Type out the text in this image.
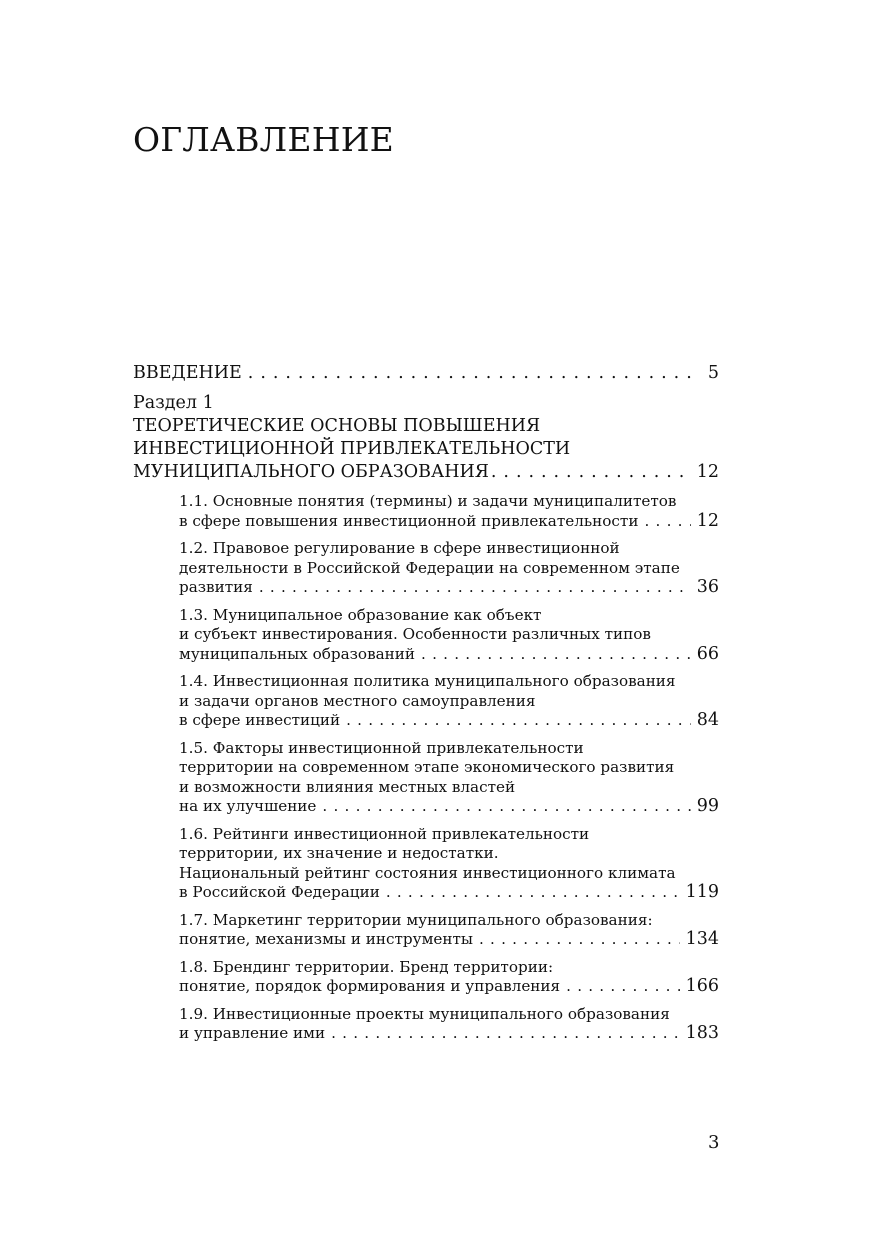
ОГЛАВЛЕНИЕ
ВВЕДЕНИЕ . . .	5
Раздел 1
ТЕОРЕТИЧЕСКИЕ ОСНОВЫ ПОВЫШЕНИЯ
ИНВЕСТИЦИОННОЙ ПРИВЛЕКАТЕЛЬНОСТИ
МУНИЦИПАЛЬНОГО ОБРАЗОВАНИЯ . . .	12
1.1. Основные понятия (термины) и задачи муниципалитетов
в сфере повышения инвестиционной привлекательности . . .	12
1.2. Правовое регулирование в сфере инвестиционной
деятельности в Российской Федерации на современном этапе
развития . . .	36
1.3. Муниципальное образование как объект
и субъект инвестирования. Особенности различных типов
муниципальных образований . . .	66
1.4. Инвестиционная политика муниципального образования
и задачи органов местного самоуправления
в сфере инвестиций . . .	84
1.5. Факторы инвестиционной привлекательности
территории на современном этапе экономического развития
и возможности влияния местных властей
на их улучшение . . .	99
1.6. Рейтинги инвестиционной привлекательности
территории, их значение и недостатки.
Национальный рейтинг состояния инвестиционного климата
в Российской Федерации . . .	119
1.7. Маркетинг территории муниципального образования:
понятие, механизмы и инструменты . . .	134
1.8. Брендинг территории. Бренд территории:
понятие, порядок формирования и управления . . .	166
1.9. Инвестиционные проекты муниципального образования
и управление ими . . .	183
3
